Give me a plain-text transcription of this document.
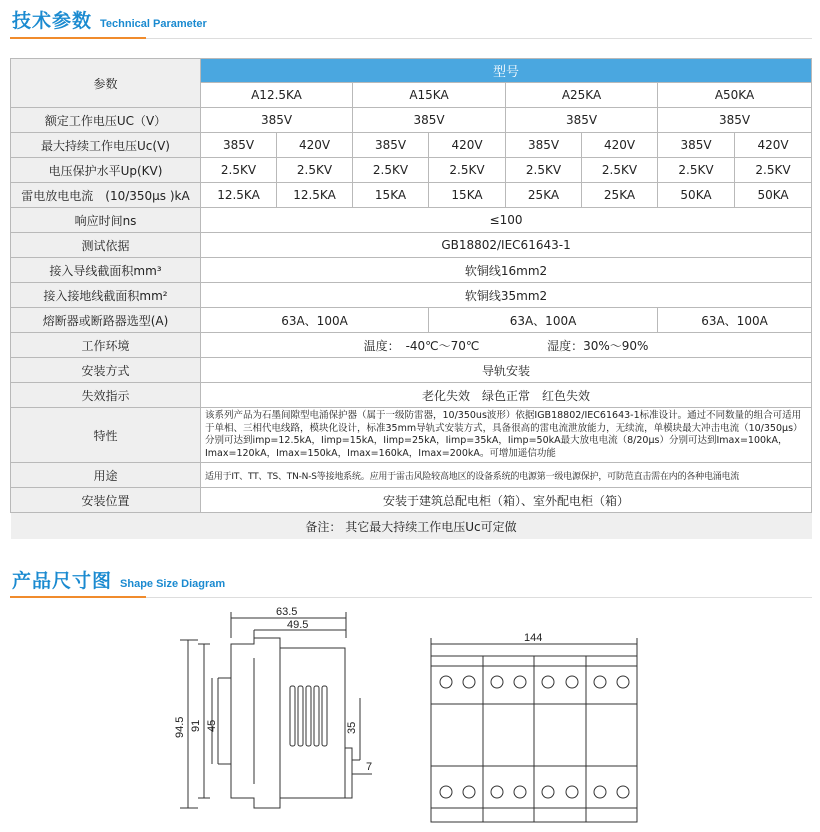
技术参数 Technical Parameter
参数	型号							
	A12.5KA		A15KA		A25KA		A50KA	
额定工作电压UC（V）	385V		385V		385V		385V	
最大持续工作电压Uc(V)	385V	420V	385V	420V	385V	420V	385V	420V
电压保护水平Up(KV)	2.5KV	2.5KV	2.5KV	2.5KV	2.5KV	2.5KV	2.5KV	2.5KV
雷电放电电流　(10/350μs )kA	12.5KA	12.5KA	15KA	15KA	25KA	25KA	50KA	50KA
响应时间ns	≤100							
测试依据	GB18802/IEC61643-1							
接入导线截面积mm³	软铜线16mm2							
接入接地线截面积mm²	软铜线35mm2							
熔断器或断路器选型(A)	63A、100A			63A、100A			63A、100A	
工作环境	温度：　-40℃～70℃ 湿度：30%～90%							
安装方式	导轨安装							
失效指示	老化失效　绿色正常　红色失效							
特性	该系列产品为石墨间隙型电涌保护器（属于一级防雷器，10/350us波形）依据IGB18802/IEC61643-1标准设计。通过不同数量的组合可适用于单相、三相代电线路，模块化设计，标准35mm导轨式安装方式，具备很高的雷电流泄放能力，无续流，单模块最大冲击电流（10/350μs）分别可达到imp=12.5kA，Iimp=15kA，Iimp=25kA，Iimp=35kA，Iimp=50kA最大放电电流（8/20μs）分别可达到Imax=100kA，Imax=120kA，Imax=150kA，Imax=160kA，Imax=200kA。可增加遥信功能							
用途	适用于IT、TT、TS、TN-N-S等接地系统。应用于雷击风险较高地区的设备系统的电源第一级电源保护，可防范直击需在内的各种电涌电流							
安装位置	安装于建筑总配电柜（箱）、室外配电柜（箱）							
备注： 其它最大持续工作电压Uc可定做								
产品尺寸图 Shape Size Diagram
63.5
49.5
94.5 91 45	35
7
144
